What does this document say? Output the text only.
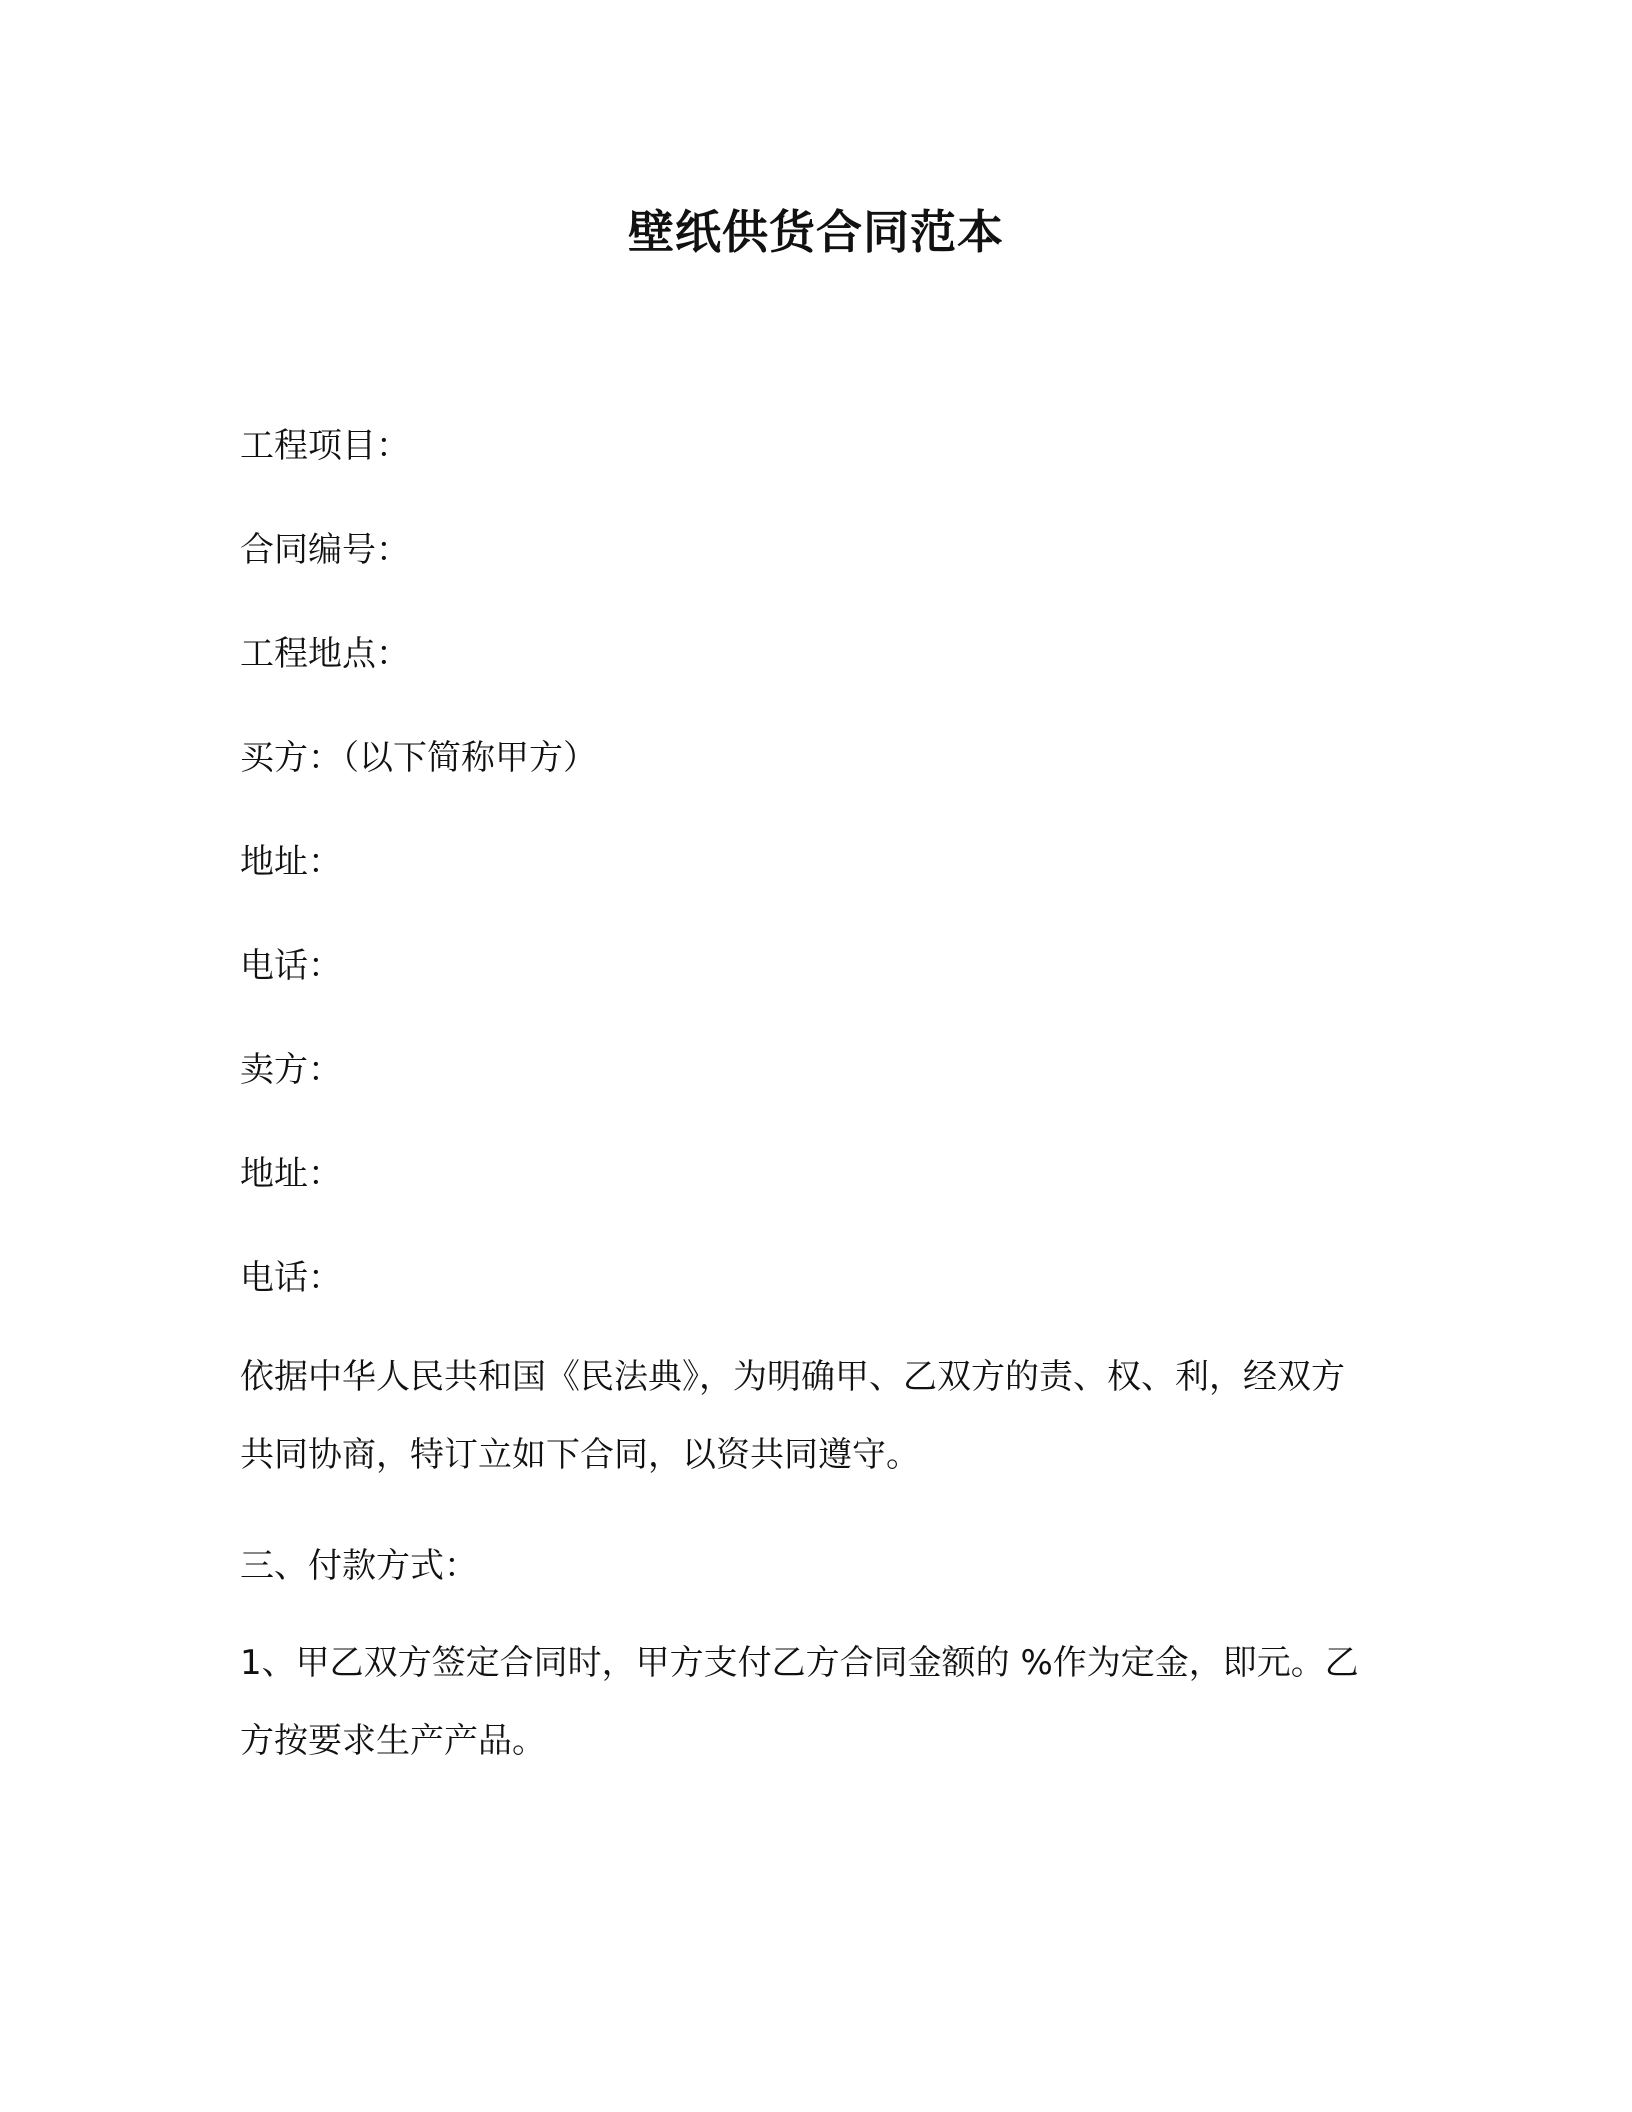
壁纸供货合同范本
工程项目：
合同编号：
工程地点：
买方：（以下简称甲方）
地址：
电话：
卖方：
地址：
电话：
依据中华人民共和国《民法典》，为明确甲、乙双方的责、权、利，经双方共同协商，特订立如下合同，以资共同遵守。
三、付款方式：
1、甲乙双方签定合同时，甲方支付乙方合同金额的 %作为定金，即元。乙方按要求生产产品。
